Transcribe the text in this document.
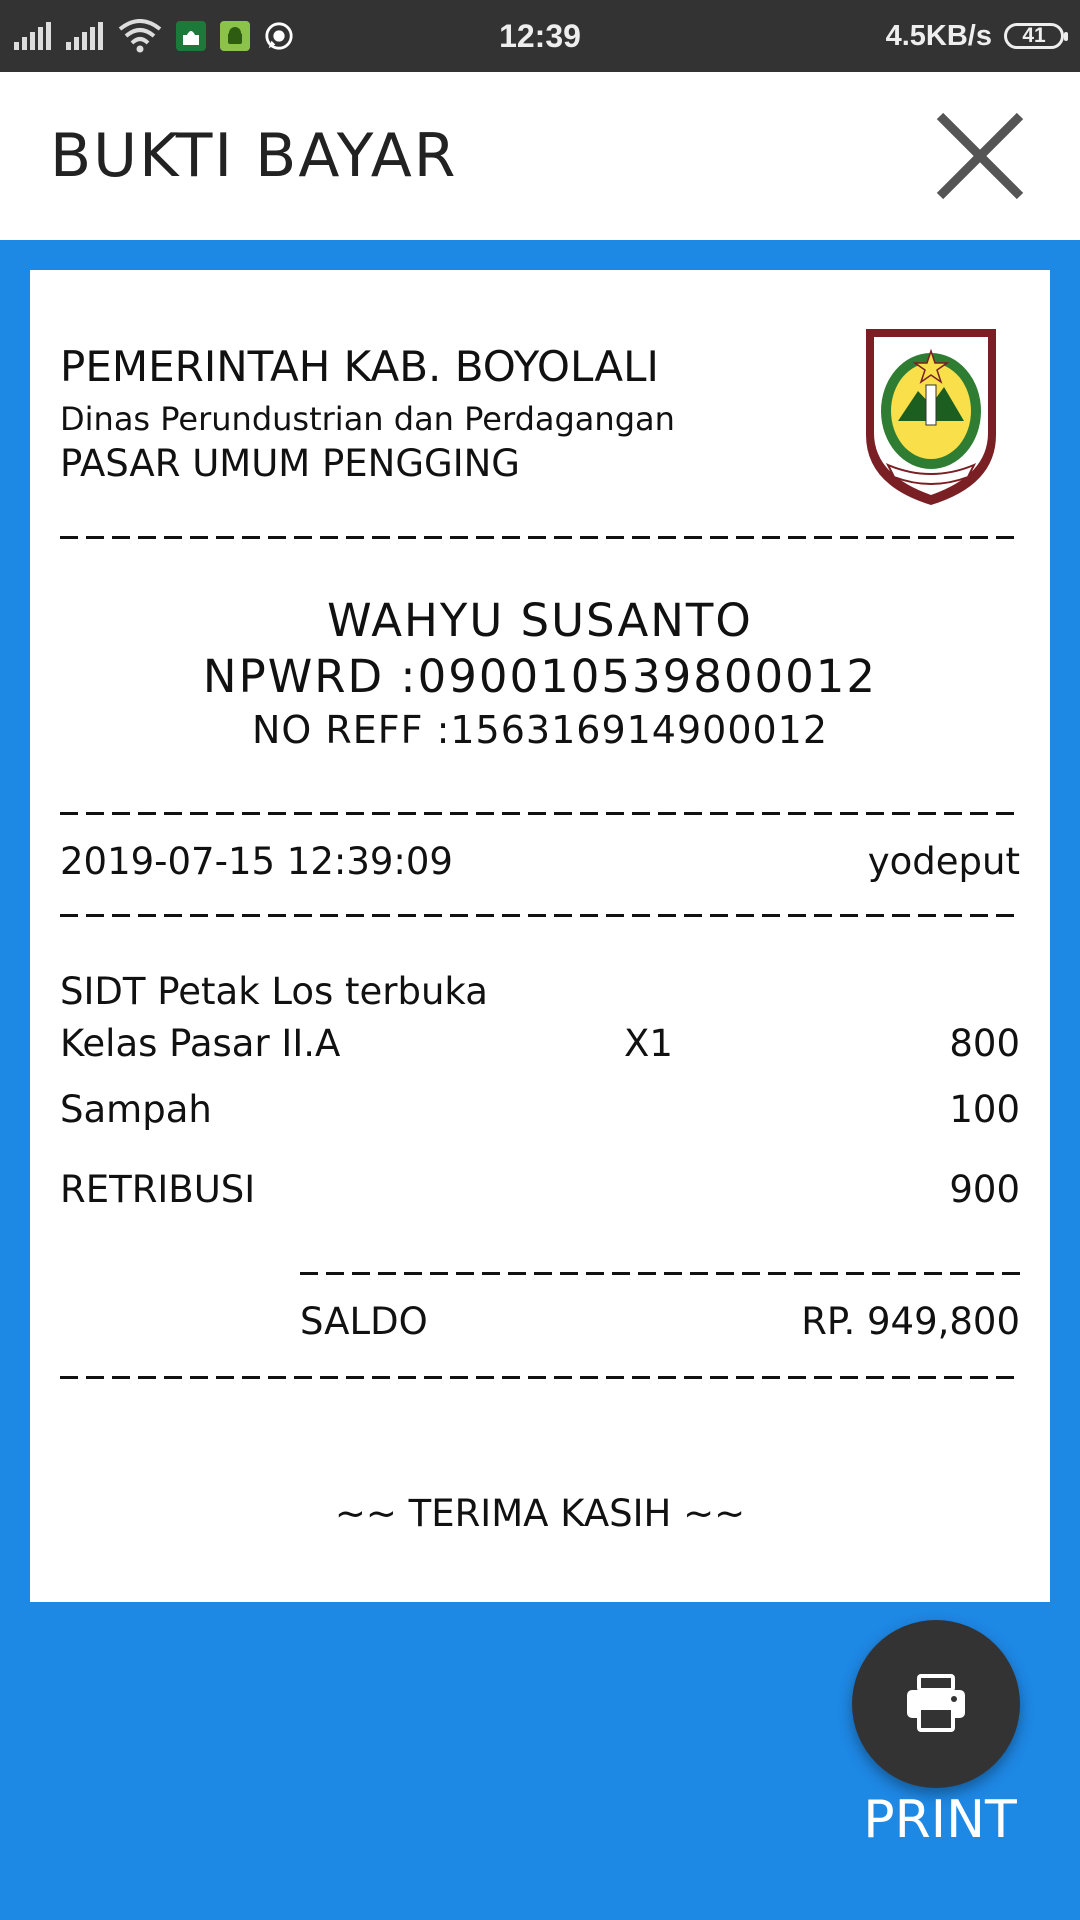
12:39	4.5KB/s 41
BUKTI BAYAR
PEMERINTAH KAB. BOYOLALI
Dinas Perundustrian dan Perdagangan
PASAR UMUM PENGGING
WAHYU SUSANTO
NPWRD :090010539800012
NO REFF :156316914900012
2019-07-15 12:39:09	yodeput
SIDT Petak Los terbuka
Kelas Pasar II.A	X1	800
Sampah	100
RETRIBUSI	900
SALDO	RP. 949,800
~~ TERIMA KASIH ~~
PRINT
